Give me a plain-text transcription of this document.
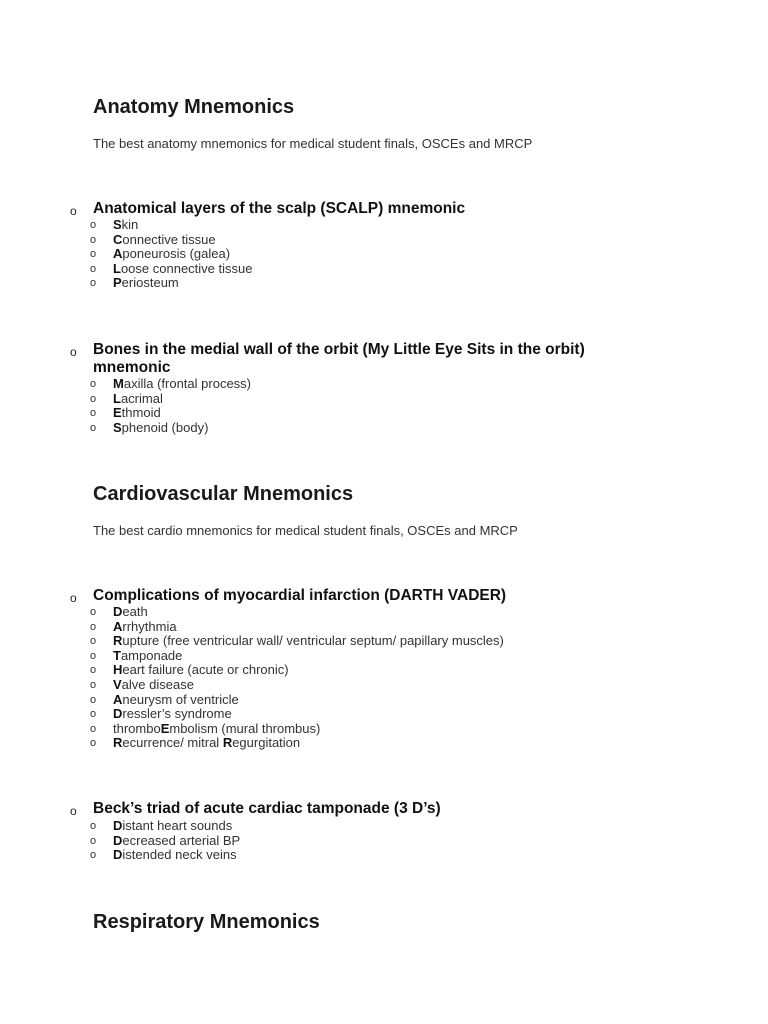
Anatomy Mnemonics
The best anatomy mnemonics for medical student finals, OSCEs and MRCP
o Anatomical layers of the scalp (SCALP) mnemonic
o Skin
o Connective tissue
o Aponeurosis (galea)
o Loose connective tissue
o Periosteum
o Bones in the medial wall of the orbit (My Little Eye Sits in the orbit) mnemonic
o Maxilla (frontal process)
o Lacrimal
o Ethmoid
o Sphenoid (body)
Cardiovascular Mnemonics
The best cardio mnemonics for medical student finals, OSCEs and MRCP
o Complications of myocardial infarction (DARTH VADER)
o Death
o Arrhythmia
o Rupture (free ventricular wall/ ventricular septum/ papillary muscles)
o Tamponade
o Heart failure (acute or chronic)
o Valve disease
o Aneurysm of ventricle
o Dressler’s syndrome
o thromboEmbolism (mural thrombus)
o Recurrence/ mitral Regurgitation
o Beck’s triad of acute cardiac tamponade (3 D’s)
o Distant heart sounds
o Decreased arterial BP
o Distended neck veins
Respiratory Mnemonics
